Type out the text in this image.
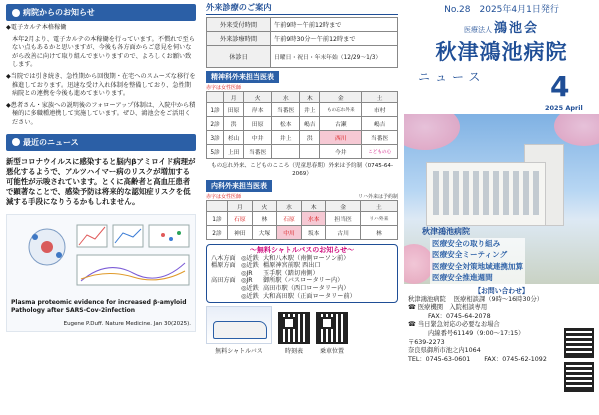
病院からのお知らせ

◆電子カルテ本格稼働

本年2月より、電子カルテの本稼働を行っています。不慣れで至らない点もあるかと思いますが、今後も各方面からご意見を伺いながら改善に向けて取り組んでまいりますので、よろしくお願い致します。

◆当院では引き続き、急性期から回復期・在宅へのスムーズな移行を推進しております。迅速な受け入れ体制を整備しており、急性期病院との連携を今後も進めてまいります。

◆患者さん・家族への説明後のフォローアップ体制は、入院中から積極的に多職種連携して実施しています。ぜひ、鴻池会をご活用ください。

最近のニュース
新型コロナウイルスに感染すると脳内βアミロイド病理が悪化するようで、アルツハイマー病のリスクが増加する可能性が示唆されています。とくに高齢者と高血圧患者で顕著なことで、感染予防は将来的な認知症リスクを低減する手段になりうるかもしれません。
Plasma proteomic evidence for increased β-amyloid Pathology after SARS-Cov-2infection
Eugene P.Duff. Nature Medicine. Jan 30(2025).
外来診療のご案内
外来受付時間	午前9時～午前12時まで
外来診療時間	午前9時30分～午前12時まで
休診日	日曜日・祝日・年末年始（12/29～1/3）
精神科外来担当医表
赤字は女性医師
	月	火	水	木	金	土
1診	田原	岸本	当番医	井上	もの忘れ外来	市村
2診	洪	田原	松本	嶋吉	古瀬	嶋吉
3診	杉山	中井	井上	洪	西川	当番医
5診	上田	当番医			今井	こどもの心
もの忘れ外来、こどものこころ（児童思春期）外来は予約制（0745-64-2069）
内科外来担当医表
赤字は女性医師	リハ外来は予約制
	月	火	水	木	金	土
1診	石原	林	石原	水本	担当医	リハ外来
2診	神田	大塚	中川	坂本	古川	林
～無料シャトルバスのお知らせ～
八木方面 ◎近鉄 大和八木駅（南側ローソン前）
橿原方面 ◎近鉄 橿原神宮前駅 西出口
◎JR	玉手駅（踏切南側）
高田方面 ◎JR	御所駅（バスロータリー内）
◎近鉄 高田市駅（西口ロータリー内）
◎近鉄 大和高田駅（正面ロータリー前）
無料シャトルバス	時刻表	乗車位置
No.28　2025年4月1日発行
医療法人 鴻池会
秋津鴻池病院
ニュース 4
2025 April
秋津鴻池病院
医療安全の取り組み
医療安全ミーティング
医療安全対策地域連携加算
医療安全推進週間
【お問い合わせ】
秋津鴻池病院 医療相談課（9時～16時30分）
☎ 医療機関　入院相談専用
FAX：0745-64-2078
☎ 当日緊急対応の必要なお場合
内線番号61149（9:00～17:15）
〒639-2273
奈良県御所市池之内1064
TEL：0745-63-0601 FAX：0745-62-1092
